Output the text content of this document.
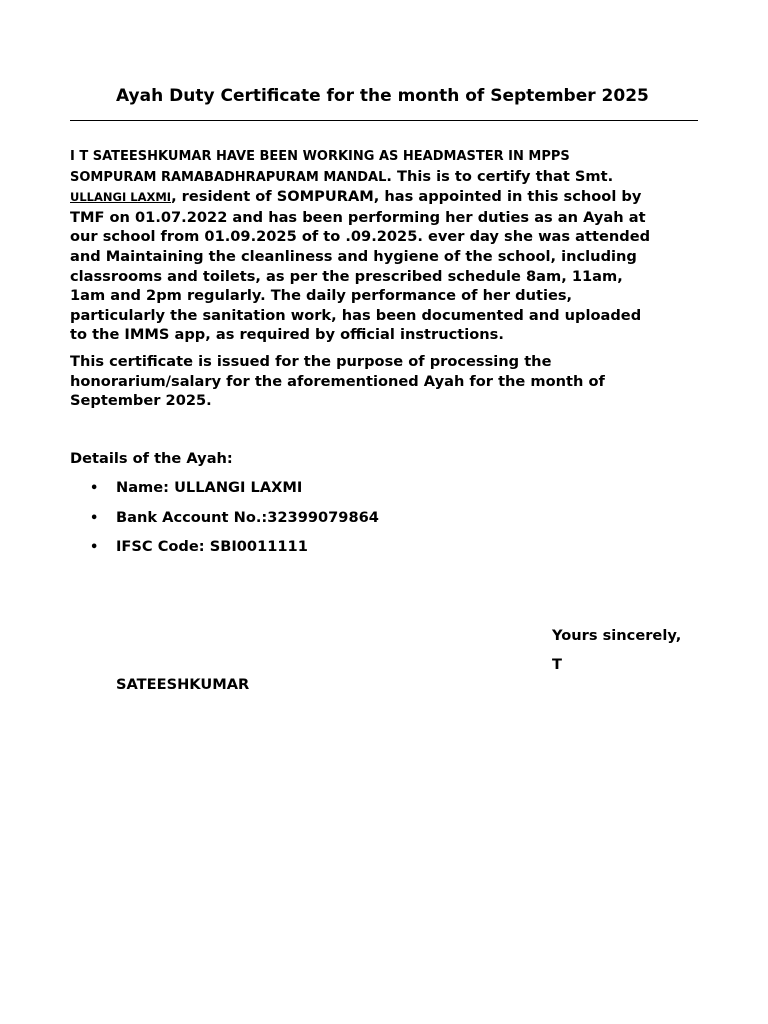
Ayah Duty Certificate for the month of September 2025
I T SATEESHKUMAR HAVE BEEN WORKING AS HEADMASTER IN MPPS
SOMPURAM RAMABADHRAPURAM MANDAL. This is to certify that Smt.
ULLANGI LAXMI, resident of SOMPURAM, has appointed in this school by
TMF on 01.07.2022 and has been performing her duties as an Ayah at
our school from 01.09.2025 of to .09.2025. ever day she was attended
and Maintaining the cleanliness and hygiene of the school, including
classrooms and toilets, as per the prescribed schedule 8am, 11am,
1am and 2pm regularly. The daily performance of her duties,
particularly the sanitation work, has been documented and uploaded
to the IMMS app, as required by official instructions.
This certificate is issued for the purpose of processing the
honorarium/salary for the aforementioned Ayah for the month of
September 2025.
Details of the Ayah:
• Name: ULLANGI LAXMI
• Bank Account No.:32399079864
• IFSC Code: SBI0011111
Yours sincerely,
T
SATEESHKUMAR
